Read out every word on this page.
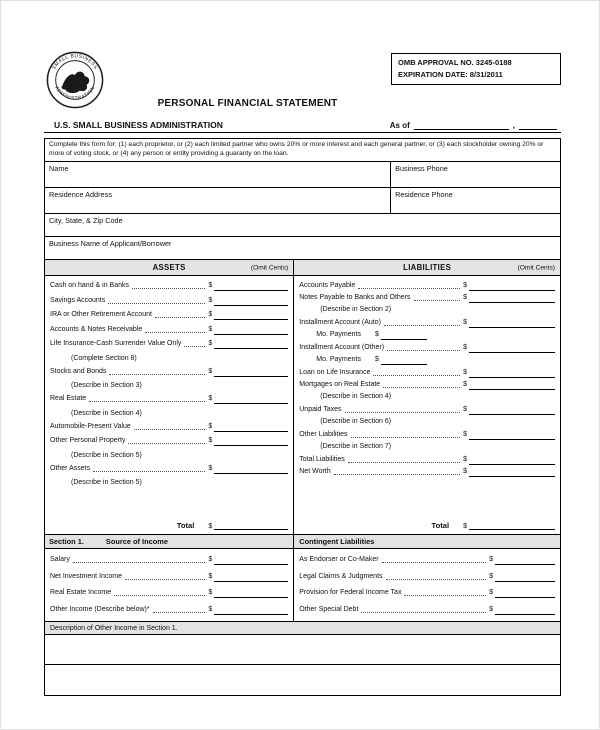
SMALL BUSINESS
ADMINISTRATION
OMB APPROVAL NO. 3245-0188
EXPIRATION DATE: 8/31/2011
PERSONAL FINANCIAL STATEMENT
U.S. SMALL BUSINESS ADMINISTRATION	As of	,
Complete this form for: (1) each proprietor, or (2) each limited partner who owns 20% or more interest and each general partner, or (3) each stockholder owning 20% or more of voting stock, or (4) any person or entity providing a guaranty on the loan.
Name	Business Phone
Residence Address	Residence Phone
City, State, & Zip Code
Business Name of Applicant/Borrower
ASSETS	(Omit Cents)	LIABILITIES	(Omit Cents)
Cash on hand & in Banks	$
Savings Accounts	$
IRA or Other Retirement Account	$
Accounts & Notes Receivable	$
Life Insurance-Cash Surrender Value Only	$
(Complete Section 8)
Stocks and Bonds	$
(Describe in Section 3)
Real Estate	$
(Describe in Section 4)
Automobile-Present Value	$
Other Personal Property	$
(Describe in Section 5)
Other Assets	$
(Describe in Section 5)
Total $
Accounts Payable	$
Notes Payable to Banks and Others	$
(Describe in Section 2)
Installment Account (Auto)	$
Mo. Payments $
Installment Account (Other)	$
Mo. Payments $
Loan on Life Insurance	$
Mortgages on Real Estate	$
(Describe in Section 4)
Unpaid Taxes	$
(Describe in Section 6)
Other Liabilities	$
(Describe in Section 7)
Total Liabilities	$
Net Worth	$
Total $
Section 1.	Source of Income	Contingent Liabilities
Salary	$
Net Investment Income	$
Real Estate Income	$
Other Income (Describe below)*	$
As Endorser or Co-Maker	$
Legal Claims & Judgments	$
Provision for Federal Income Tax	$
Other Special Debt	$
Description of Other Income in Section 1.
